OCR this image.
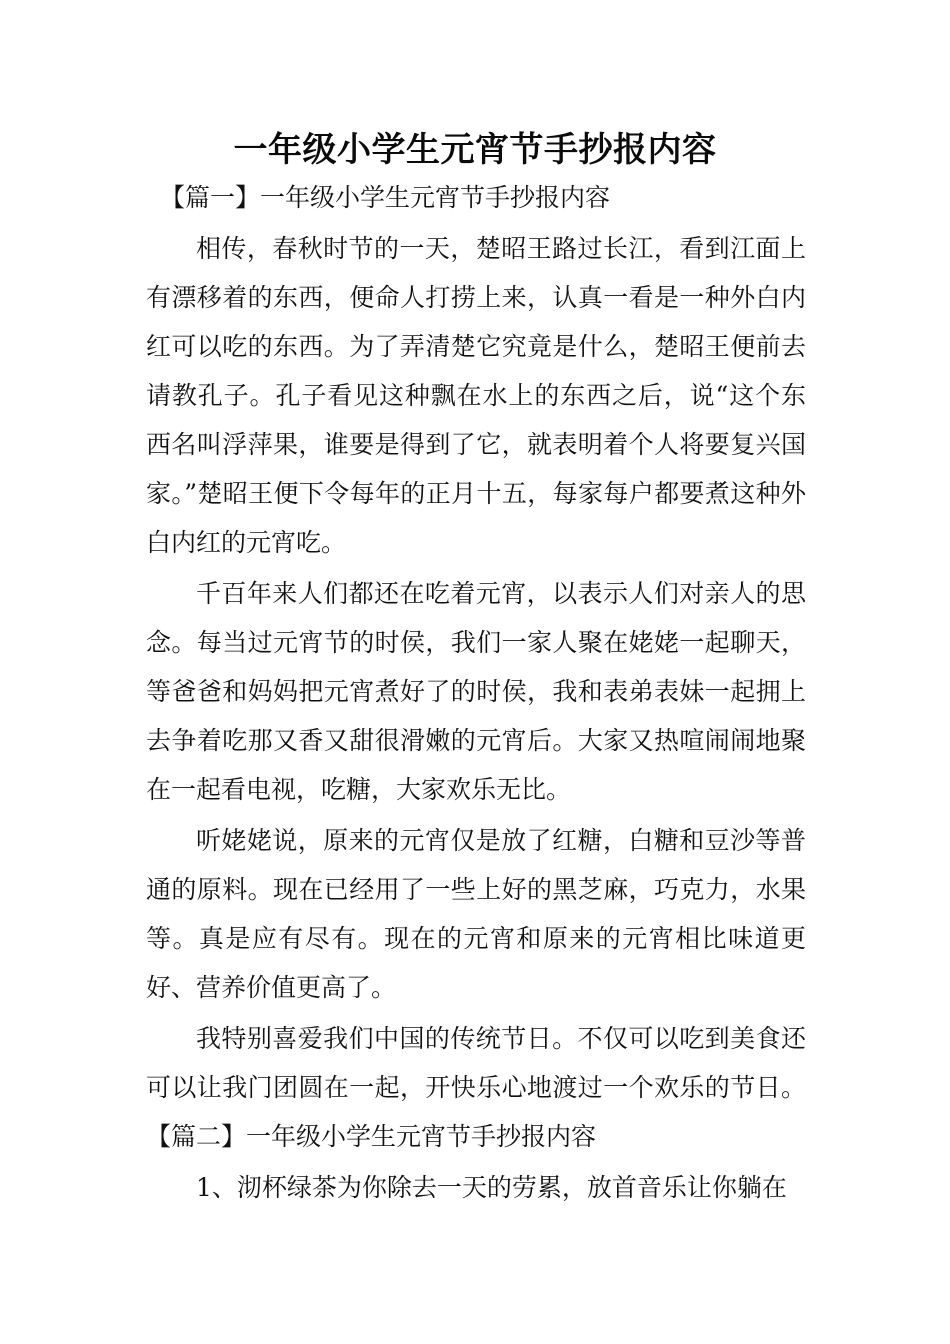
一年级小学生元宵节手抄报内容
【篇一】一年级小学生元宵节手抄报内容

相传，春秋时节的一天，楚昭王路过长江，看到江面上有漂移着的东西，便命人打捞上来，认真一看是一种外白内红可以吃的东西。为了弄清楚它究竟是什么，楚昭王便前去请教孔子。孔子看见这种飘在水上的东西之后，说“这个东西名叫浮萍果，谁要是得到了它，就表明着个人将要复兴国家。”楚昭王便下令每年的正月十五，每家每户都要煮这种外白内红的元宵吃。

千百年来人们都还在吃着元宵，以表示人们对亲人的思念。每当过元宵节的时侯，我们一家人聚在姥姥一起聊天，等爸爸和妈妈把元宵煮好了的时侯，我和表弟表妹一起拥上去争着吃那又香又甜很滑嫩的元宵后。大家又热喧闹闹地聚在一起看电视，吃糖，大家欢乐无比。

听姥姥说，原来的元宵仅是放了红糖，白糖和豆沙等普通的原料。现在已经用了一些上好的黑芝麻，巧克力，水果等。真是应有尽有。现在的元宵和原来的元宵相比味道更好、营养价值更高了。

我特别喜爱我们中国的传统节日。不仅可以吃到美食还可以让我门团圆在一起，开快乐心地渡过一个欢乐的节日。【篇二】一年级小学生元宵节手抄报内容

1、沏杯绿茶为你除去一天的劳累，放首音乐让你躺在
